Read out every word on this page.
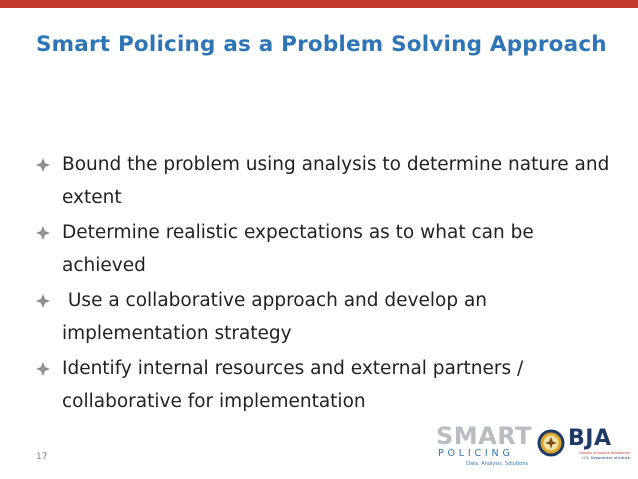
Smart Policing as a Problem Solving Approach
Bound the problem using analysis to determine nature and extent
Determine realistic expectations as to what can be achieved
Use a collaborative approach and develop an implementation strategy
Identify internal resources and external partners / collaborative for implementation
17
SMART
POLICING
Data. Analysis. Solutions
BJA
Bureau of Justice Assistance
U.S. Department of Justice
